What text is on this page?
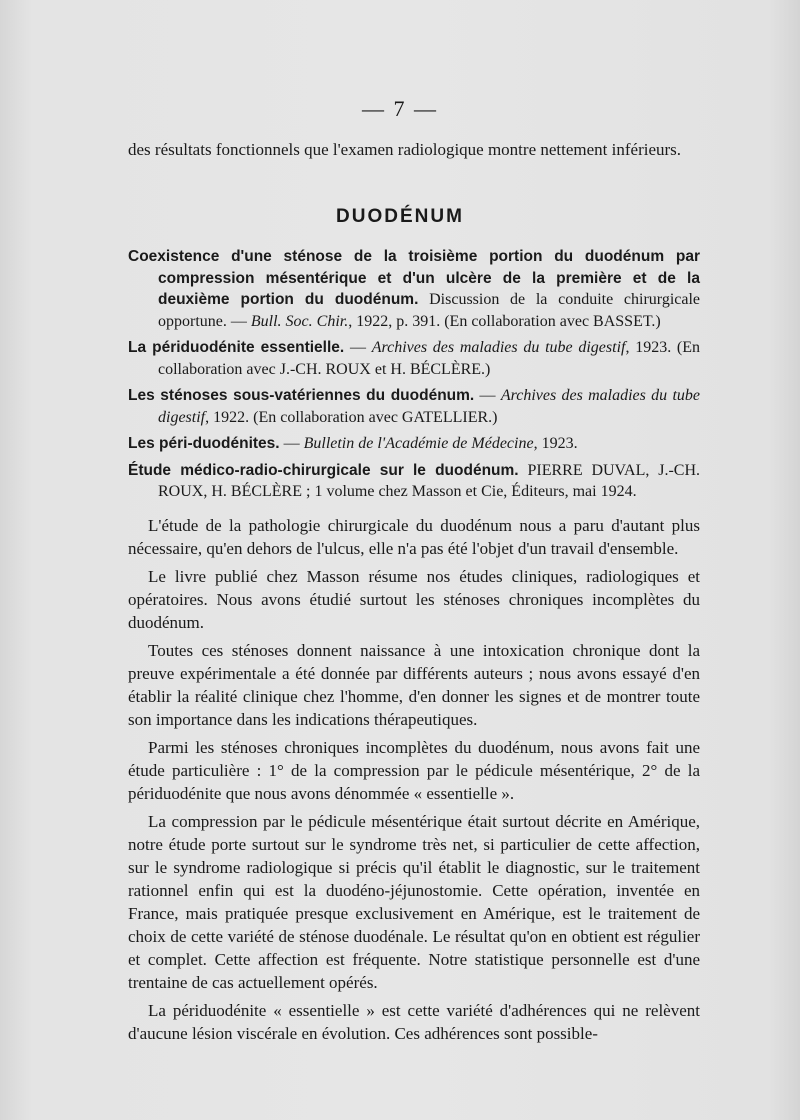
— 7 —

des résultats fonctionnels que l'examen radiologique montre nettement inférieurs.

DUODÉNUM
Coexistence d'une sténose de la troisième portion du duodénum par compression mésentérique et d'un ulcère de la première et de la deuxième portion du duodénum. Discussion de la conduite chirurgicale opportune. — Bull. Soc. Chir., 1922, p. 391. (En collaboration avec BASSET.)
La périduodénite essentielle. — Archives des maladies du tube digestif, 1923. (En collaboration avec J.-CH. ROUX et H. BÉCLÈRE.)
Les sténoses sous-vatériennes du duodénum. — Archives des maladies du tube digestif, 1922. (En collaboration avec GATELLIER.)
Les péri-duodénites. — Bulletin de l'Académie de Médecine, 1923.
Étude médico-radio-chirurgicale sur le duodénum. PIERRE DUVAL, J.-CH. ROUX, H. BÉCLÈRE ; 1 volume chez Masson et Cie, Éditeurs, mai 1924.

L'étude de la pathologie chirurgicale du duodénum nous a paru d'autant plus nécessaire, qu'en dehors de l'ulcus, elle n'a pas été l'objet d'un travail d'ensemble.

Le livre publié chez Masson résume nos études cliniques, radiologiques et opératoires. Nous avons étudié surtout les sténoses chroniques incomplètes du duodénum.

Toutes ces sténoses donnent naissance à une intoxication chronique dont la preuve expérimentale a été donnée par différents auteurs ; nous avons essayé d'en établir la réalité clinique chez l'homme, d'en donner les signes et de montrer toute son importance dans les indications thérapeutiques.

Parmi les sténoses chroniques incomplètes du duodénum, nous avons fait une étude particulière : 1° de la compression par le pédicule mésentérique, 2° de la périduodénite que nous avons dénommée « essentielle ».

La compression par le pédicule mésentérique était surtout décrite en Amérique, notre étude porte surtout sur le syndrome très net, si particulier de cette affection, sur le syndrome radiologique si précis qu'il établit le diagnostic, sur le traitement rationnel enfin qui est la duodéno-jéjunostomie. Cette opération, inventée en France, mais pratiquée presque exclusivement en Amérique, est le traitement de choix de cette variété de sténose duodénale. Le résultat qu'on en obtient est régulier et complet. Cette affection est fréquente. Notre statistique personnelle est d'une trentaine de cas actuellement opérés.

La périduodénite « essentielle » est cette variété d'adhérences qui ne relèvent d'aucune lésion viscérale en évolution. Ces adhérences sont possible-
